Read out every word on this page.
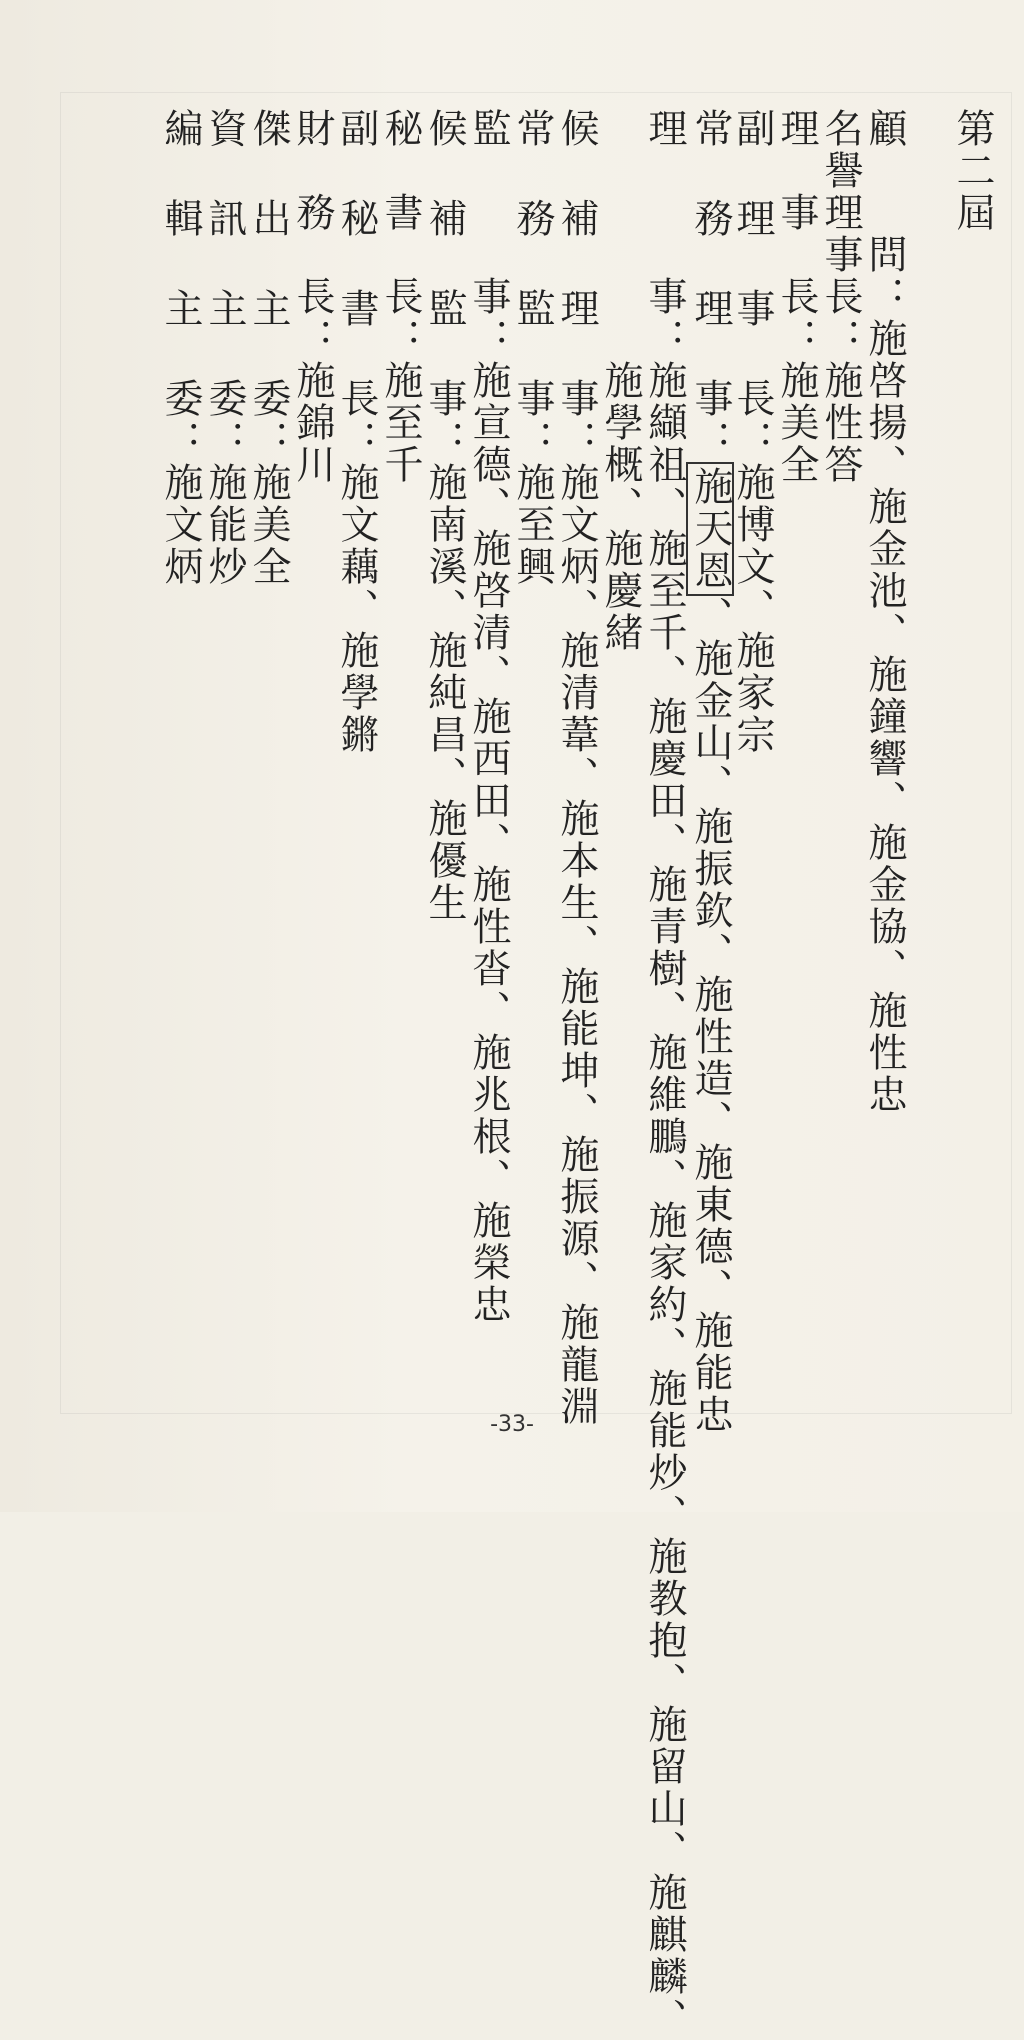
第二屆
顧　　問：施啓揚、施金池、施鐘響、施金協、施性忠
名譽理事長：施性答
理　事　長：施美全
副 理 事 長：施博文、施家宗
常 務 理 事：施天恩、施金山、施振欽、施性造、施東德、施能忠
理　　　事：施纈祖、施至千、施慶田、施青樹、施維鵬、施家約、施能炒、施教抱、施留山、施麒麟、
　　　　　　施學概、施慶緒
候 補 理 事：施文炳、施清葦、施本生、施能坤、施振源、施龍淵
常 務 監 事：施至興
監　　　事：施宣德、施啓清、施西田、施性沓、施兆根、施榮忠
候 補 監 事：施南溪、施純昌、施優生
秘　書　長：施至千
副 秘 書 長：施文藕、施學鏘
財　務　長：施錦川
傑 出 主 委：施美全
資 訊 主 委：施能炒
編 輯 主 委：施文炳
-33-
